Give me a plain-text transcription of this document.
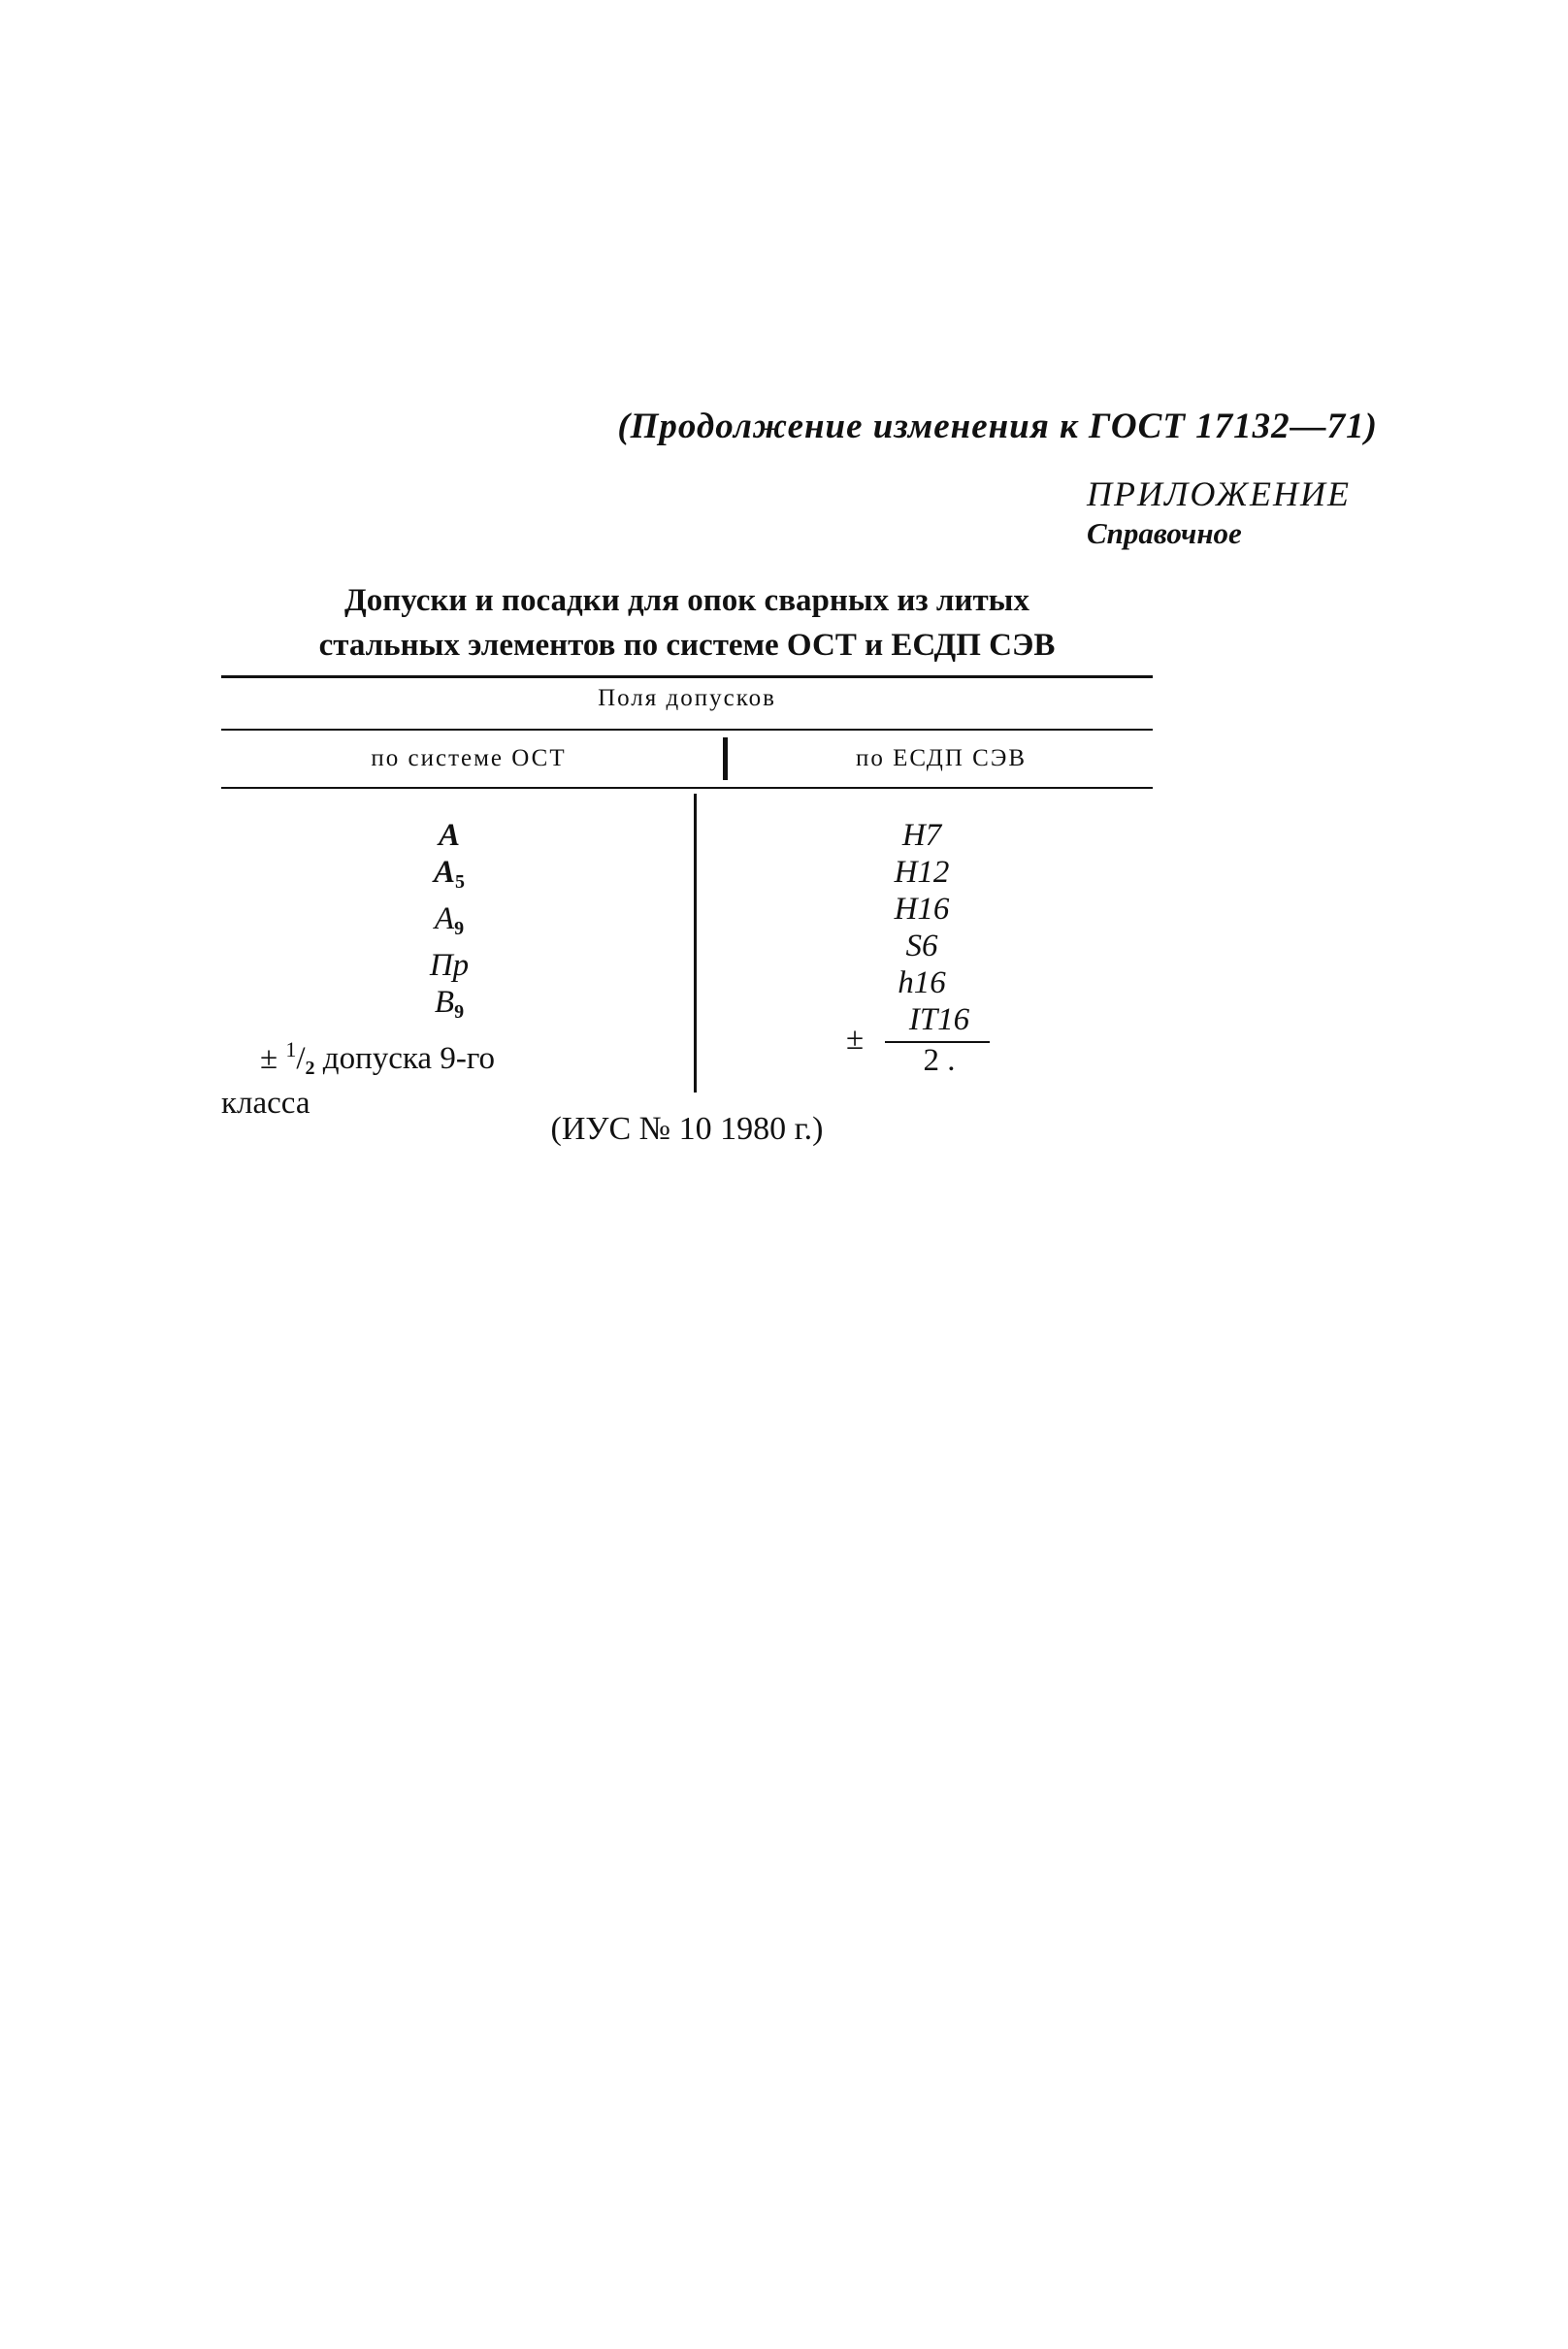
(Продолжение изменения к ГОСТ 17132—71)
ПРИЛОЖЕНИЕ
Справочное
Допуски и посадки для опок сварных из литых
стальных элементов по системе ОСТ и ЕСДП СЭВ
Поля допусков
по системе ОСТ	по ЕСДП СЭВ
A
$A_5$
$A_9$
Пр
$B_9$
± $^1/_2$ допуска 9-го
класса
H7
H12
H16
S6
h16
±
IT16
2 .
(ИУС № 10 1980 г.)
